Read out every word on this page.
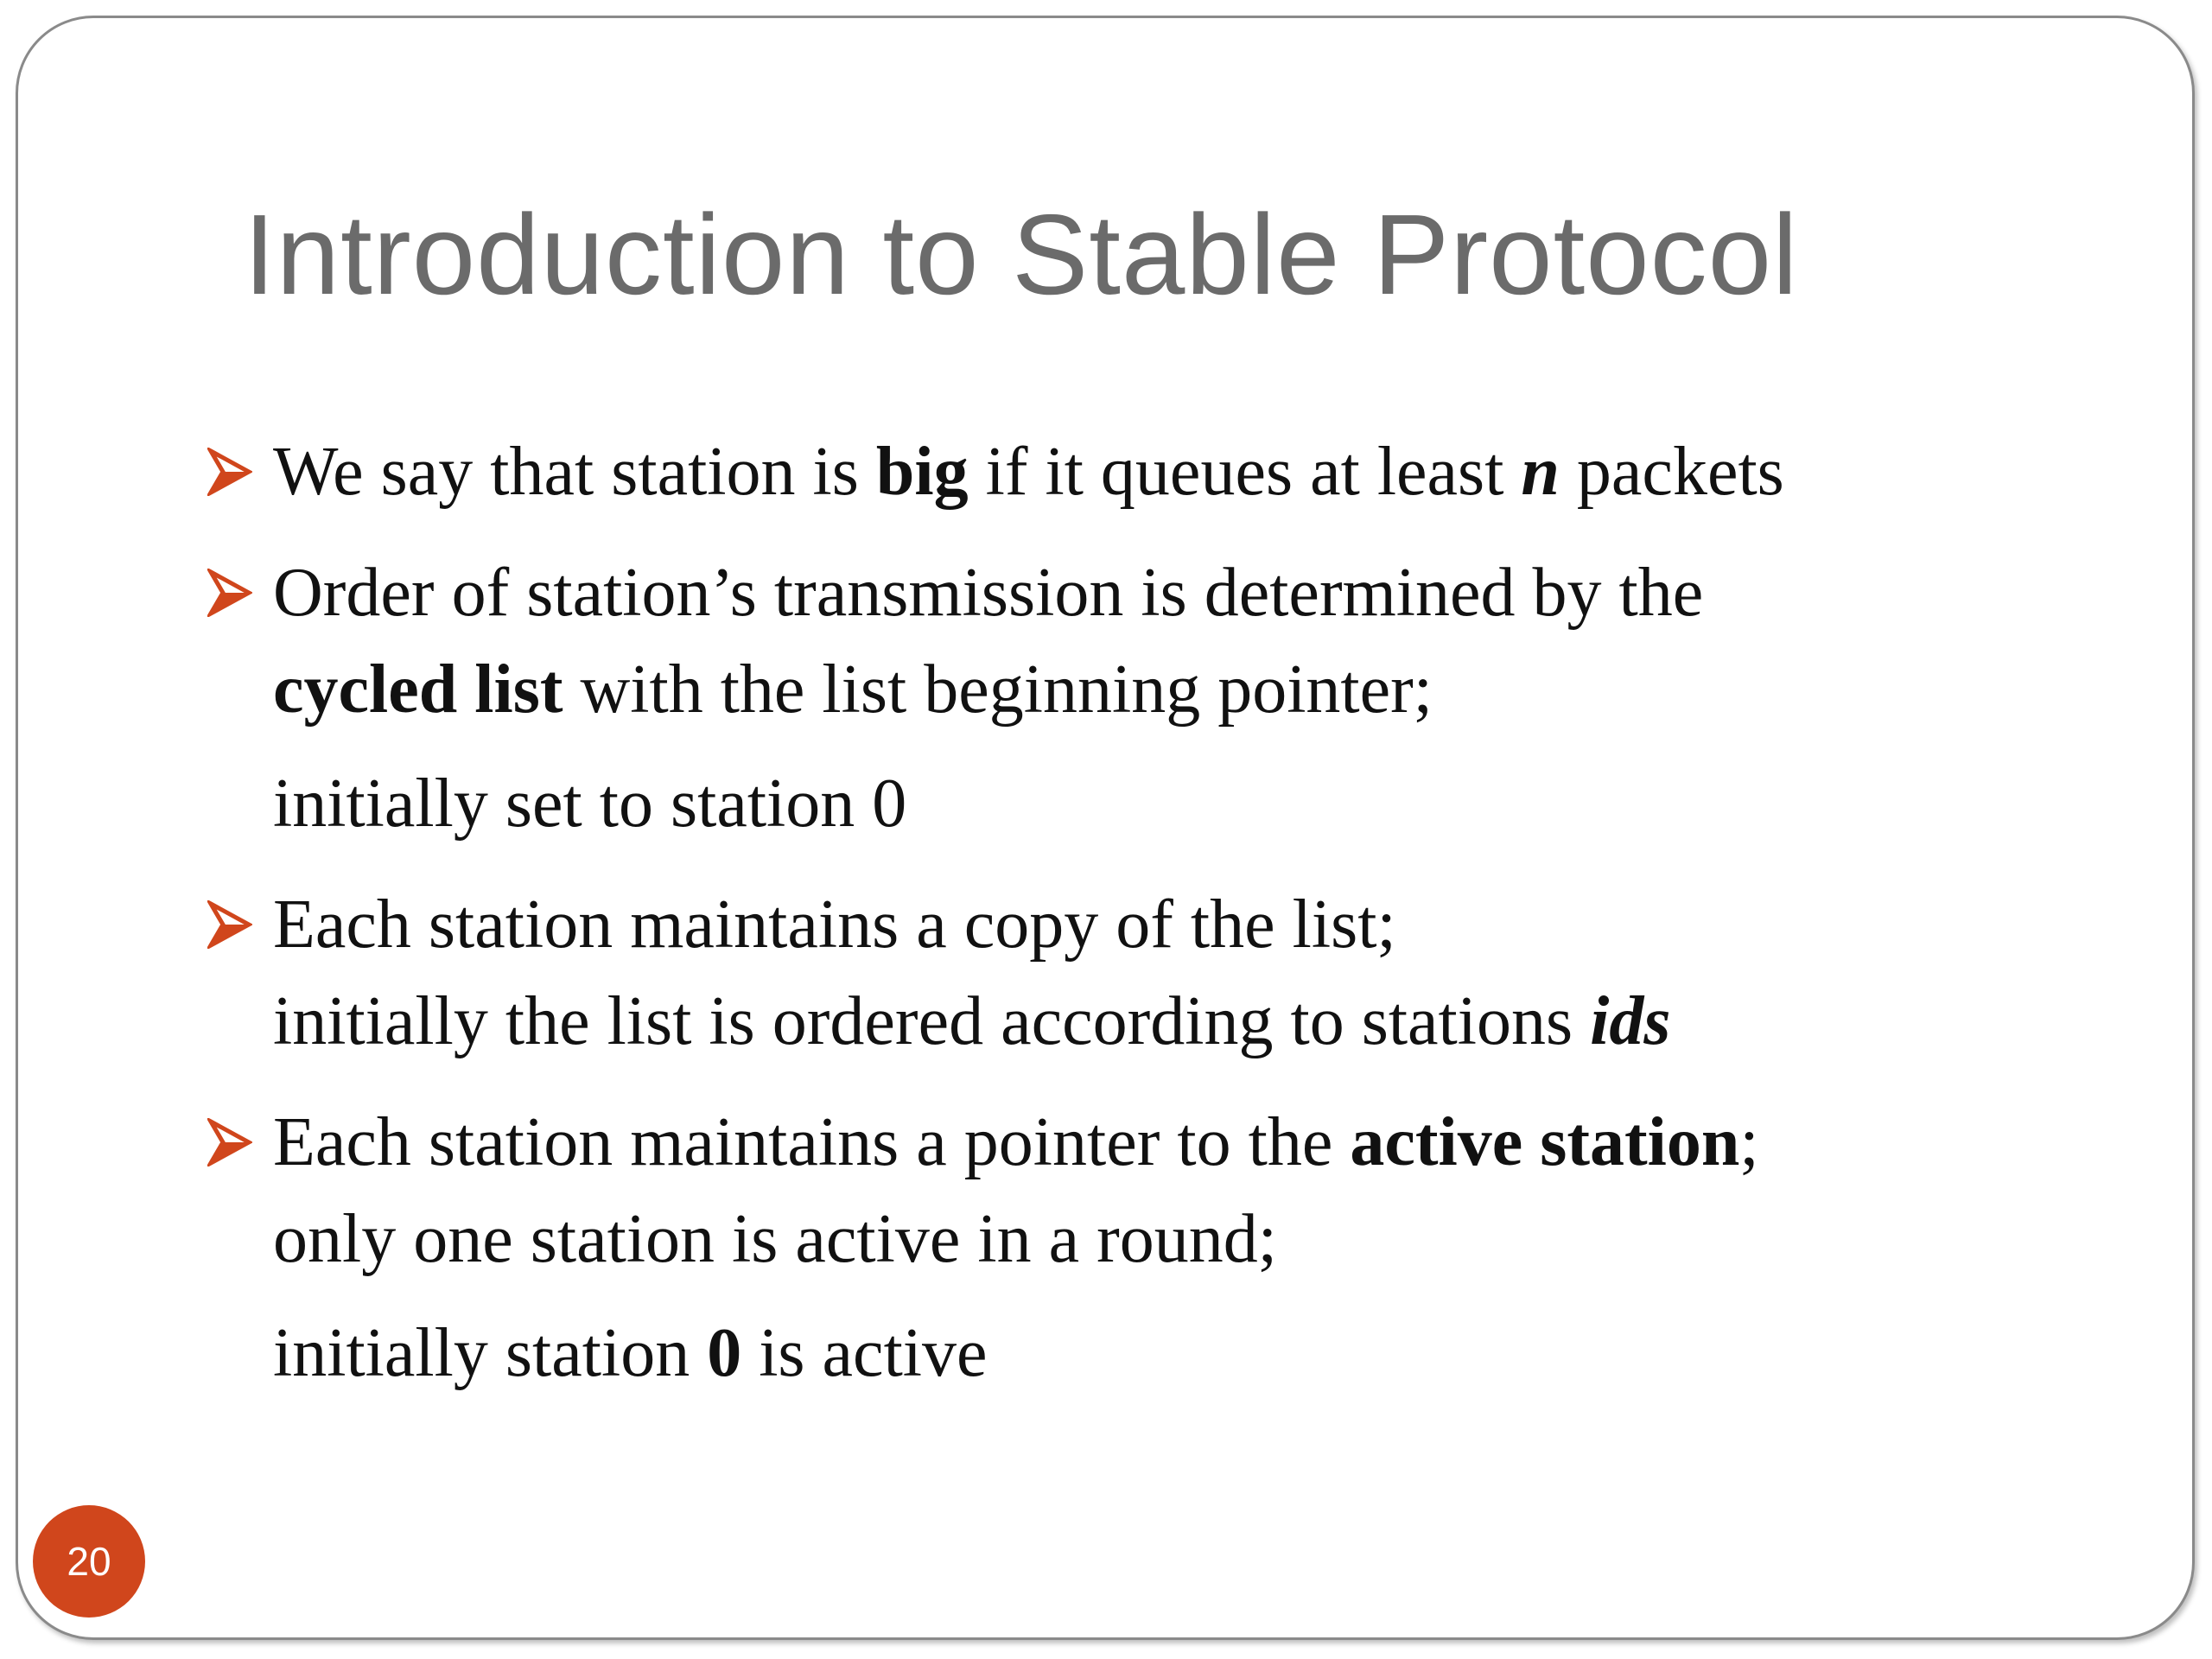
Introduction to Stable Protocol
We say that station is big if it queues at least n packets
Order of station’s transmission is determined by the
cycled list with the list beginning pointer;
initially set to station 0
Each station maintains a copy of the list;
initially the list is ordered according to stations ids
Each station maintains a pointer to the active station;
only one station is active in a round;
initially station 0 is active
20
